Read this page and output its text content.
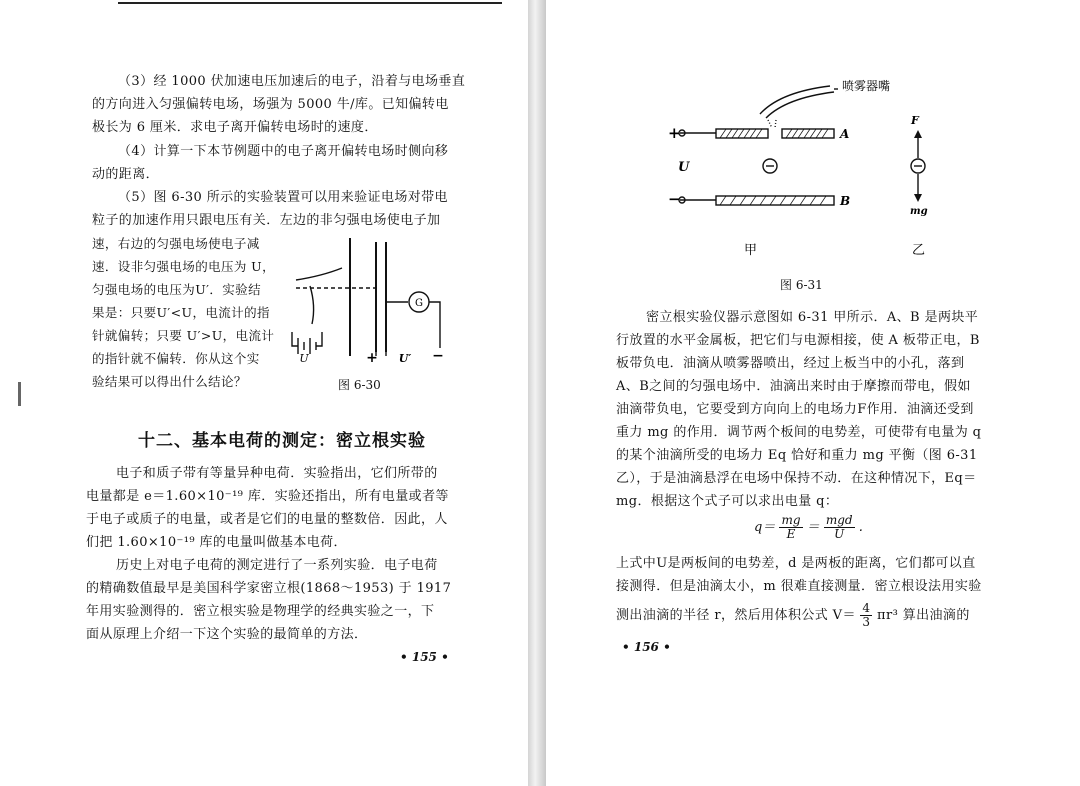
（3）经 1000 伏加速电压加速后的电子，沿着与电场垂直
的方向进入匀强偏转电场，场强为 5000 牛/库。已知偏转电
极长为 6 厘米．求电子离开偏转电场时的速度．
（4）计算一下本节例题中的电子离开偏转电场时侧向移
动的距离．
（5）图 6-30 所示的实验装置可以用来验证电场对带电
粒子的加速作用只跟电压有关．左边的非匀强电场使电子加
速，右边的匀强电场使电子减
速．设非匀强电场的电压为 U，
匀强电场的电压为U′．实验结
果是：只要U′<U，电流计的指
针就偏转；只要 U′>U，电流计
的指针就不偏转．你从这个实
验结果可以得出什么结论？
G
U	+ U′ −
图 6-30
十二、基本电荷的测定：密立根实验
电子和质子带有等量异种电荷．实验指出，它们所带的
电量都是 e＝1.60×10⁻¹⁹ 库．实验还指出，所有电量或者等
于电子或质子的电量，或者是它们的电量的整数倍．因此，人
们把 1.60×10⁻¹⁹ 库的电量叫做基本电荷．
历史上对电子电荷的测定进行了一系列实验．电子电荷
的精确数值最早是美国科学家密立根(1868～1953) 于 1917
年用实验测得的．密立根实验是物理学的经典实验之一，下
面从原理上介绍一下这个实验的最简单的方法．
• 155 •
喷雾器嘴
A
B
+
−
U
F
mg
甲	乙
图 6-31
密立根实验仪器示意图如 6-31 甲所示．A、B 是两块平
行放置的水平金属板，把它们与电源相接，使 A 板带正电，B
板带负电．油滴从喷雾器喷出，经过上板当中的小孔，落到
A、B之间的匀强电场中．油滴出来时由于摩擦而带电，假如
油滴带负电，它要受到方向向上的电场力F作用．油滴还受到
重力 mg 的作用．调节两个板间的电势差，可使带有电量为 q
的某个油滴所受的电场力 Eq 恰好和重力 mg 平衡（图 6-31
乙），于是油滴悬浮在电场中保持不动．在这种情况下，Eq＝
mg．根据这个式子可以求出电量 q：
$q= \frac{mg}{E} = \frac{\text{mgd}}{U}$ .
上式中U是两板间的电势差，d 是两板的距离，它们都可以直
接测得．但是油滴太小，m 很难直接测量．密立根设法用实验
测出油滴的半径 r，然后用体积公式 $V= \frac{4}{3} \pi r^3$ 算出油滴的
• 156 •
